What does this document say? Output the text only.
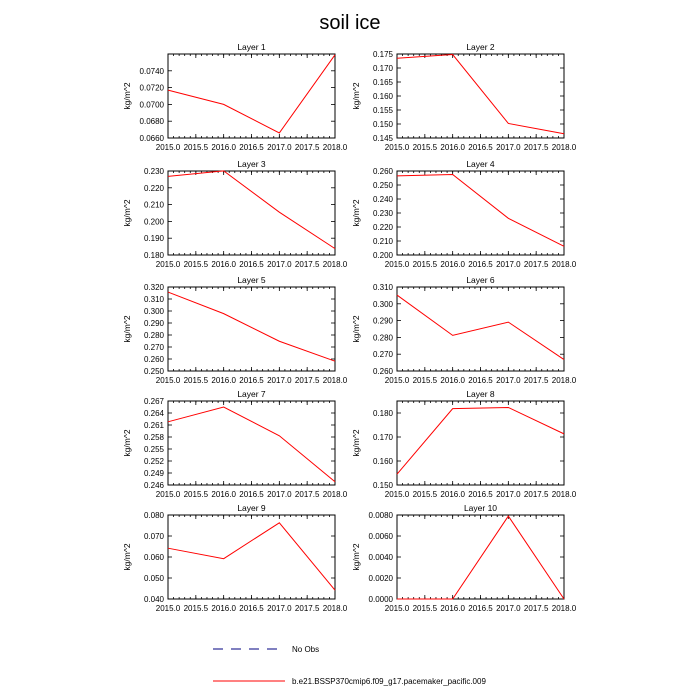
soil ice
Layer 1
2015.0 2015.5 2016.0 2016.5 2017.0 2017.5 2018.0
0.0660
0.0680
0.0700
0.0720
0.0740
kg/m^2
Layer 2
2015.0 2015.5 2016.0 2016.5 2017.0 2017.5 2018.0
0.145
0.150
0.155
0.160
0.165
0.170
0.175
kg/m^2
Layer 3
2015.0 2015.5 2016.0 2016.5 2017.0 2017.5 2018.0
0.180
0.190
0.200
0.210
0.220
0.230
kg/m^2
Layer 4
2015.0 2015.5 2016.0 2016.5 2017.0 2017.5 2018.0
0.200
0.210
0.220
0.230
0.240
0.250
0.260
kg/m^2
Layer 5
2015.0 2015.5 2016.0 2016.5 2017.0 2017.5 2018.0
0.250
0.260
0.270
0.280
0.290
0.300
0.310
0.320
kg/m^2
Layer 6
2015.0 2015.5 2016.0 2016.5 2017.0 2017.5 2018.0
0.260
0.270
0.280
0.290
0.300
0.310
kg/m^2
Layer 7
2015.0 2015.5 2016.0 2016.5 2017.0 2017.5 2018.0
0.246
0.249
0.252
0.255
0.258
0.261
0.264
0.267
kg/m^2
Layer 8
2015.0 2015.5 2016.0 2016.5 2017.0 2017.5 2018.0
0.150
0.160
0.170
0.180
kg/m^2
Layer 9
2015.0 2015.5 2016.0 2016.5 2017.0 2017.5 2018.0
0.040
0.050
0.060
0.070
0.080
kg/m^2
Layer 10
2015.0 2015.5 2016.0 2016.5 2017.0 2017.5 2018.0
0.0000
0.0020
0.0040
0.0060
0.0080
kg/m^2
No Obs
b.e21.BSSP370cmip6.f09_g17.pacemaker_pacific.009
